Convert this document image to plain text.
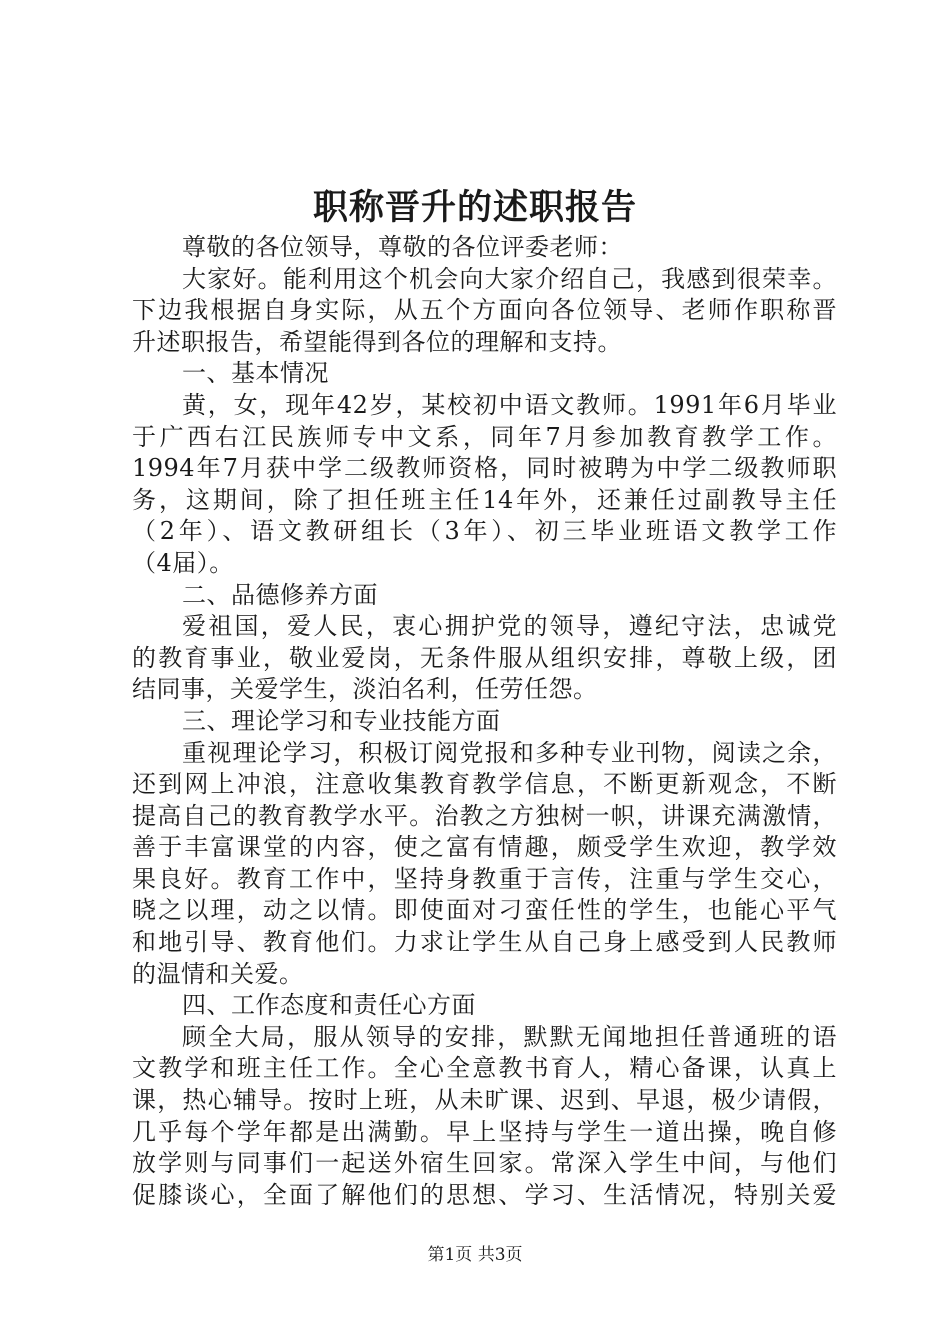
职称晋升的述职报告
尊敬的各位领导，尊敬的各位评委老师：
大家好。能利用这个机会向大家介绍自己，我感到很荣幸。
下边我根据自身实际，从五个方面向各位领导、老师作职称晋
升述职报告，希望能得到各位的理解和支持。
一、基本情况
黄，女，现年42岁，某校初中语文教师。1991年6月毕业
于广西右江民族师专中文系，同年7月参加教育教学工作。
1994年7月获中学二级教师资格，同时被聘为中学二级教师职
务，这期间，除了担任班主任14年外，还兼任过副教导主任
（2年）、语文教研组长（3年）、初三毕业班语文教学工作
（4届）。
二、品德修养方面
爱祖国，爱人民，衷心拥护党的领导，遵纪守法，忠诚党
的教育事业，敬业爱岗，无条件服从组织安排，尊敬上级，团
结同事，关爱学生，淡泊名利，任劳任怨。
三、理论学习和专业技能方面
重视理论学习，积极订阅党报和多种专业刊物，阅读之余，
还到网上冲浪，注意收集教育教学信息，不断更新观念，不断
提高自己的教育教学水平。治教之方独树一帜，讲课充满激情，
善于丰富课堂的内容，使之富有情趣，颇受学生欢迎，教学效
果良好。教育工作中，坚持身教重于言传，注重与学生交心，
晓之以理，动之以情。即使面对刁蛮任性的学生，也能心平气
和地引导、教育他们。力求让学生从自己身上感受到人民教师
的温情和关爱。
四、工作态度和责任心方面
顾全大局，服从领导的安排，默默无闻地担任普通班的语
文教学和班主任工作。全心全意教书育人，精心备课，认真上
课，热心辅导。按时上班，从未旷课、迟到、早退，极少请假，
几乎每个学年都是出满勤。早上坚持与学生一道出操，晚自修
放学则与同事们一起送外宿生回家。常深入学生中间，与他们
促膝谈心，全面了解他们的思想、学习、生活情况，特别关爱
第1页 共3页
